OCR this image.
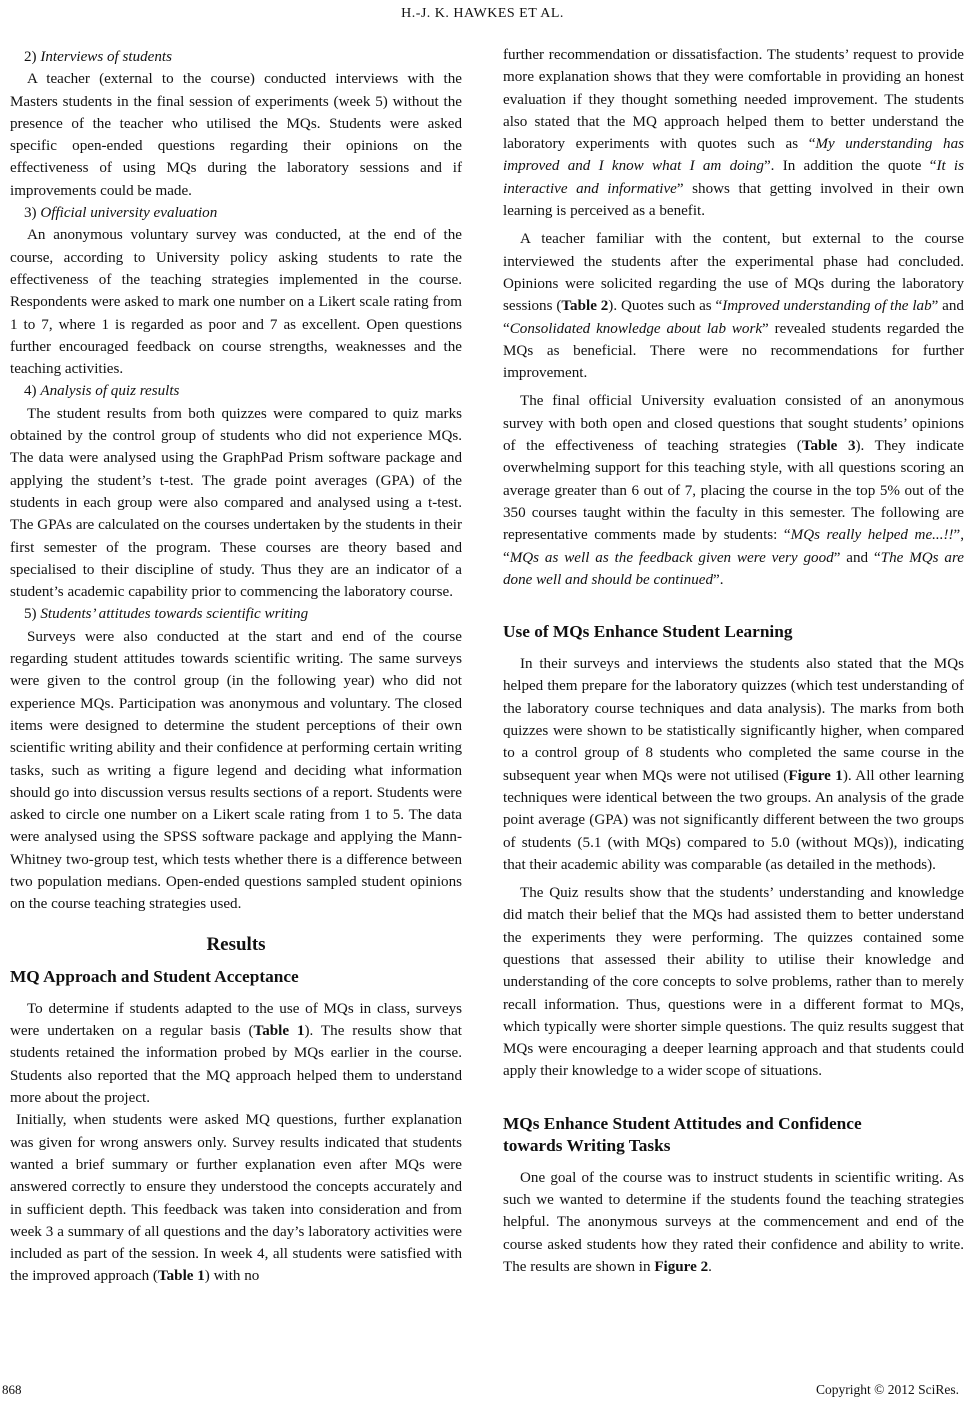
H.-J. K. HAWKES ET AL.
2) Interviews of students

A teacher (external to the course) conducted interviews with the Masters students in the final session of experiments (week 5) without the presence of the teacher who utilised the MQs. Students were asked specific open-ended questions regarding their opinions on the effectiveness of using MQs during the laboratory sessions and if improvements could be made.

3) Official university evaluation

An anonymous voluntary survey was conducted, at the end of the course, according to University policy asking students to rate the effectiveness of the teaching strategies implemented in the course. Respondents were asked to mark one number on a Likert scale rating from 1 to 7, where 1 is regarded as poor and 7 as excellent. Open questions further encouraged feedback on course strengths, weaknesses and the teaching activities.

4) Analysis of quiz results

The student results from both quizzes were compared to quiz marks obtained by the control group of students who did not experience MQs. The data were analysed using the GraphPad Prism software package and applying the student’s t-test. The grade point averages (GPA) of the students in each group were also compared and analysed using a t-test. The GPAs are calculated on the courses undertaken by the students in their first semester of the program. These courses are theory based and specialised to their discipline of study. Thus they are an indicator of a student’s academic capability prior to commencing the laboratory course.

5) Students’ attitudes towards scientific writing

Surveys were also conducted at the start and end of the course regarding student attitudes towards scientific writing. The same surveys were given to the control group (in the following year) who did not experience MQs. Participation was anonymous and voluntary. The closed items were designed to determine the student perceptions of their own scientific writing ability and their confidence at performing certain writing tasks, such as writing a figure legend and deciding what information should go into discussion versus results sections of a report. Students were asked to circle one number on a Likert scale rating from 1 to 5. The data were analysed using the SPSS software package and applying the Mann-Whitney two-group test, which tests whether there is a difference between two population medians. Open-ended questions sampled student opinions on the course teaching strategies used.

Results
MQ Approach and Student Acceptance

To determine if students adapted to the use of MQs in class, surveys were undertaken on a regular basis (Table 1). The results show that students retained the information probed by MQs earlier in the course. Students also reported that the MQ approach helped them to understand more about the project.

Initially, when students were asked MQ questions, further explanation was given for wrong answers only. Survey results indicated that students wanted a brief summary or further explanation even after MQs were answered correctly to ensure they understood the concepts accurately and in sufficient depth. This feedback was taken into consideration and from week 3 a summary of all questions and the day’s laboratory activities were included as part of the session. In week 4, all students were satisfied with the improved approach (Table 1) with no

further recommendation or dissatisfaction. The students’ request to provide more explanation shows that they were comfortable in providing an honest evaluation if they thought something needed improvement. The students also stated that the MQ approach helped them to better understand the laboratory experiments with quotes such as “My understanding has improved and I know what I am doing”. In addition the quote “It is interactive and informative” shows that getting involved in their own learning is perceived as a benefit.

A teacher familiar with the content, but external to the course interviewed the students after the experimental phase had concluded. Opinions were solicited regarding the use of MQs during the laboratory sessions (Table 2). Quotes such as “Improved understanding of the lab” and “Consolidated knowledge about lab work” revealed students regarded the MQs as beneficial. There were no recommendations for further improvement.

The final official University evaluation consisted of an anonymous survey with both open and closed questions that sought students’ opinions of the effectiveness of teaching strategies (Table 3). They indicate overwhelming support for this teaching style, with all questions scoring an average greater than 6 out of 7, placing the course in the top 5% out of the 350 courses taught within the faculty in this semester. The following are representative comments made by students: “MQs really helped me...!!”, “MQs as well as the feedback given were very good” and “The MQs are done well and should be continued”.

Use of MQs Enhance Student Learning

In their surveys and interviews the students also stated that the MQs helped them prepare for the laboratory quizzes (which test understanding of the laboratory course techniques and data analysis). The marks from both quizzes were shown to be statistically significantly higher, when compared to a control group of 8 students who completed the same course in the subsequent year when MQs were not utilised (Figure 1). All other learning techniques were identical between the two groups. An analysis of the grade point average (GPA) was not significantly different between the two groups of students (5.1 (with MQs) compared to 5.0 (without MQs)), indicating that their academic ability was comparable (as detailed in the methods).

The Quiz results show that the students’ understanding and knowledge did match their belief that the MQs had assisted them to better understand the experiments they were performing. The quizzes contained some questions that assessed their ability to utilise their knowledge and understanding of the core concepts to solve problems, rather than to merely recall information. Thus, questions were in a different format to MQs, which typically were shorter simple questions. The quiz results suggest that MQs were encouraging a deeper learning approach and that students could apply their knowledge to a wider scope of situations.

MQs Enhance Student Attitudes and Confidence
towards Writing Tasks

One goal of the course was to instruct students in scientific writing. As such we wanted to determine if the students found the teaching strategies helpful. The anonymous surveys at the commencement and end of the course asked students how they rated their confidence and ability to write. The results are shown in Figure 2.

868	Copyright © 2012 SciRes.
